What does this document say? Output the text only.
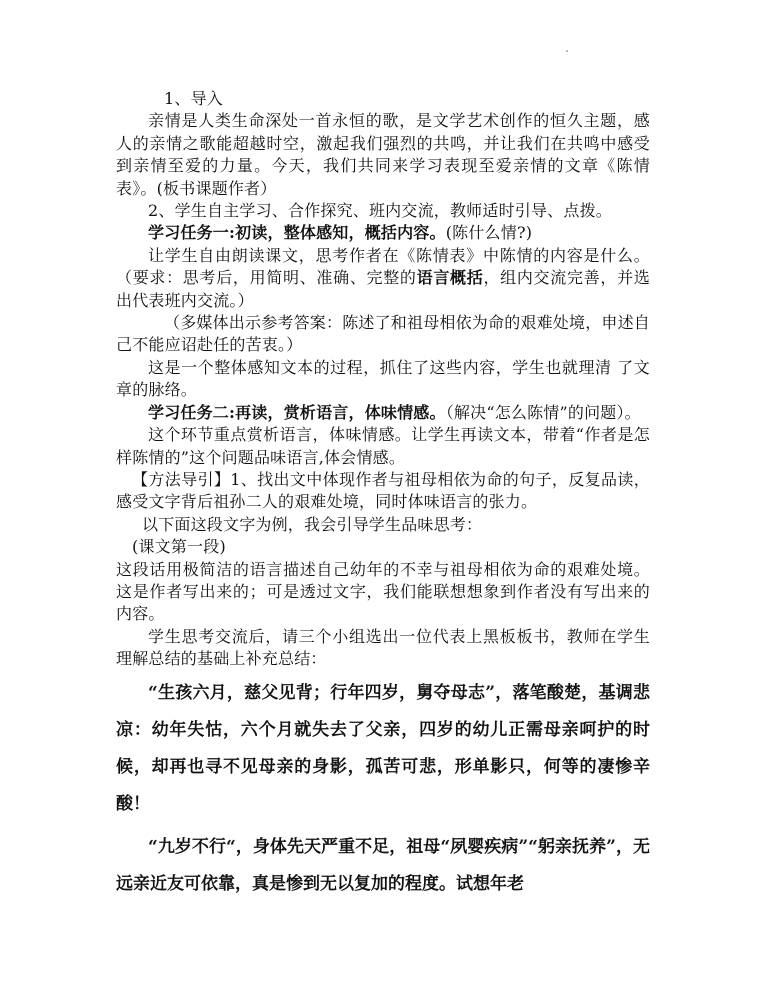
1、导入

亲情是人类生命深处一首永恒的歌，是文学艺术创作的恒久主题，感人的亲情之歌能超越时空，激起我们强烈的共鸣，并让我们在共鸣中感受到亲情至爱的力量。今天，我们共同来学习表现至爱亲情的文章《陈情表》。(板书课题作者）

2、学生自主学习、合作探究、班内交流，教师适时引导、点拨。

学习任务一:初读，整体感知，概括内容。(陈什么情?)

让学生自由朗读课文，思考作者在《陈情表》中陈情的内容是什么。（要求：思考后，用简明、准确、完整的语言概括，组内交流完善，并选出代表班内交流。）

（多媒体出示参考答案：陈述了和祖母相依为命的艰难处境，申述自己不能应诏赴任的苦衷。）

这是一个整体感知文本的过程，抓住了这些内容，学生也就理清 了文章的脉络。

学习任务二:再读，赏析语言，体味情感。（解决“怎么陈情”的问题）。

这个环节重点赏析语言，体味情感。让学生再读文本，带着“作者是怎样陈情的”这个问题品味语言,体会情感。

【方法导引】1、找出文中体现作者与祖母相依为命的句子，反复品读，感受文字背后祖孙二人的艰难处境，同时体味语言的张力。

以下面这段文字为例，我会引导学生品味思考：

(课文第一段)

这段话用极简洁的语言描述自己幼年的不幸与祖母相依为命的艰难处境。这是作者写出来的；可是透过文字，我们能联想想象到作者没有写出来的内容。

学生思考交流后，请三个小组选出一位代表上黑板板书，教师在学生理解总结的基础上补充总结：

“生孩六月，慈父见背；行年四岁，舅夺母志”，落笔酸楚，基调悲凉：幼年失怙，六个月就失去了父亲，四岁的幼儿正需母亲呵护的时候，却再也寻不见母亲的身影，孤苦可悲，形单影只，何等的凄惨辛酸！

“九岁不行“，身体先天严重不足，祖母“夙婴疾病”“躬亲抚养”，无远亲近友可依靠，真是惨到无以复加的程度。试想年老
